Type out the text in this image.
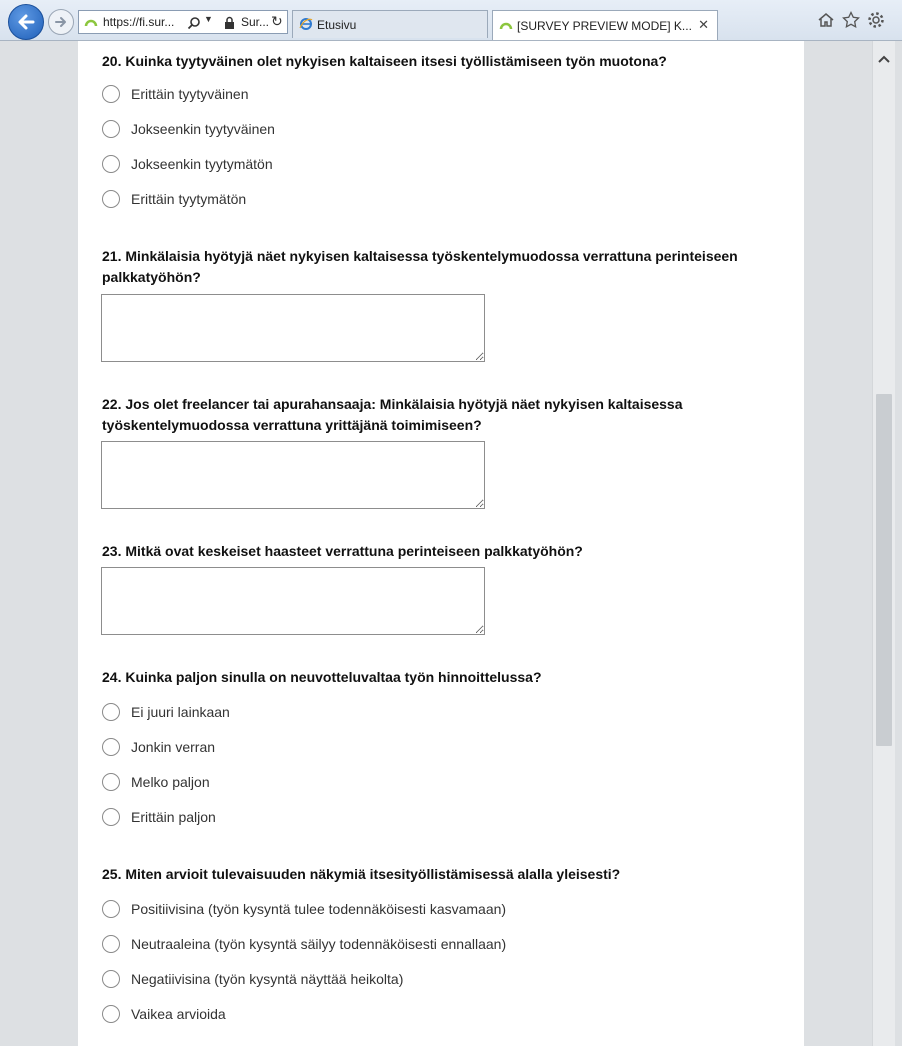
https://fi.sur...	▼ Sur... ↻	Etusivu	[SURVEY PREVIEW MODE] K... ✕
20. Kuinka tyytyväinen olet nykyisen kaltaiseen itsesi työllistämiseen työn muotona?
Erittäin tyytyväinen
Jokseenkin tyytyväinen
Jokseenkin tyytymätön
Erittäin tyytymätön
21. Minkälaisia hyötyjä näet nykyisen kaltaisessa työskentelymuodossa verrattuna perinteiseen palkkatyöhön?
22. Jos olet freelancer tai apurahansaaja: Minkälaisia hyötyjä näet nykyisen kaltaisessa työskentelymuodossa verrattuna yrittäjänä toimimiseen?
23. Mitkä ovat keskeiset haasteet verrattuna perinteiseen palkkatyöhön?
24. Kuinka paljon sinulla on neuvotteluvaltaa työn hinnoittelussa?
Ei juuri lainkaan
Jonkin verran
Melko paljon
Erittäin paljon
25. Miten arvioit tulevaisuuden näkymiä itsesityöllistämisessä alalla yleisesti?
Positiivisina (työn kysyntä tulee todennäköisesti kasvamaan)
Neutraaleina (työn kysyntä säilyy todennäköisesti ennallaan)
Negatiivisina (työn kysyntä näyttää heikolta)
Vaikea arvioida
